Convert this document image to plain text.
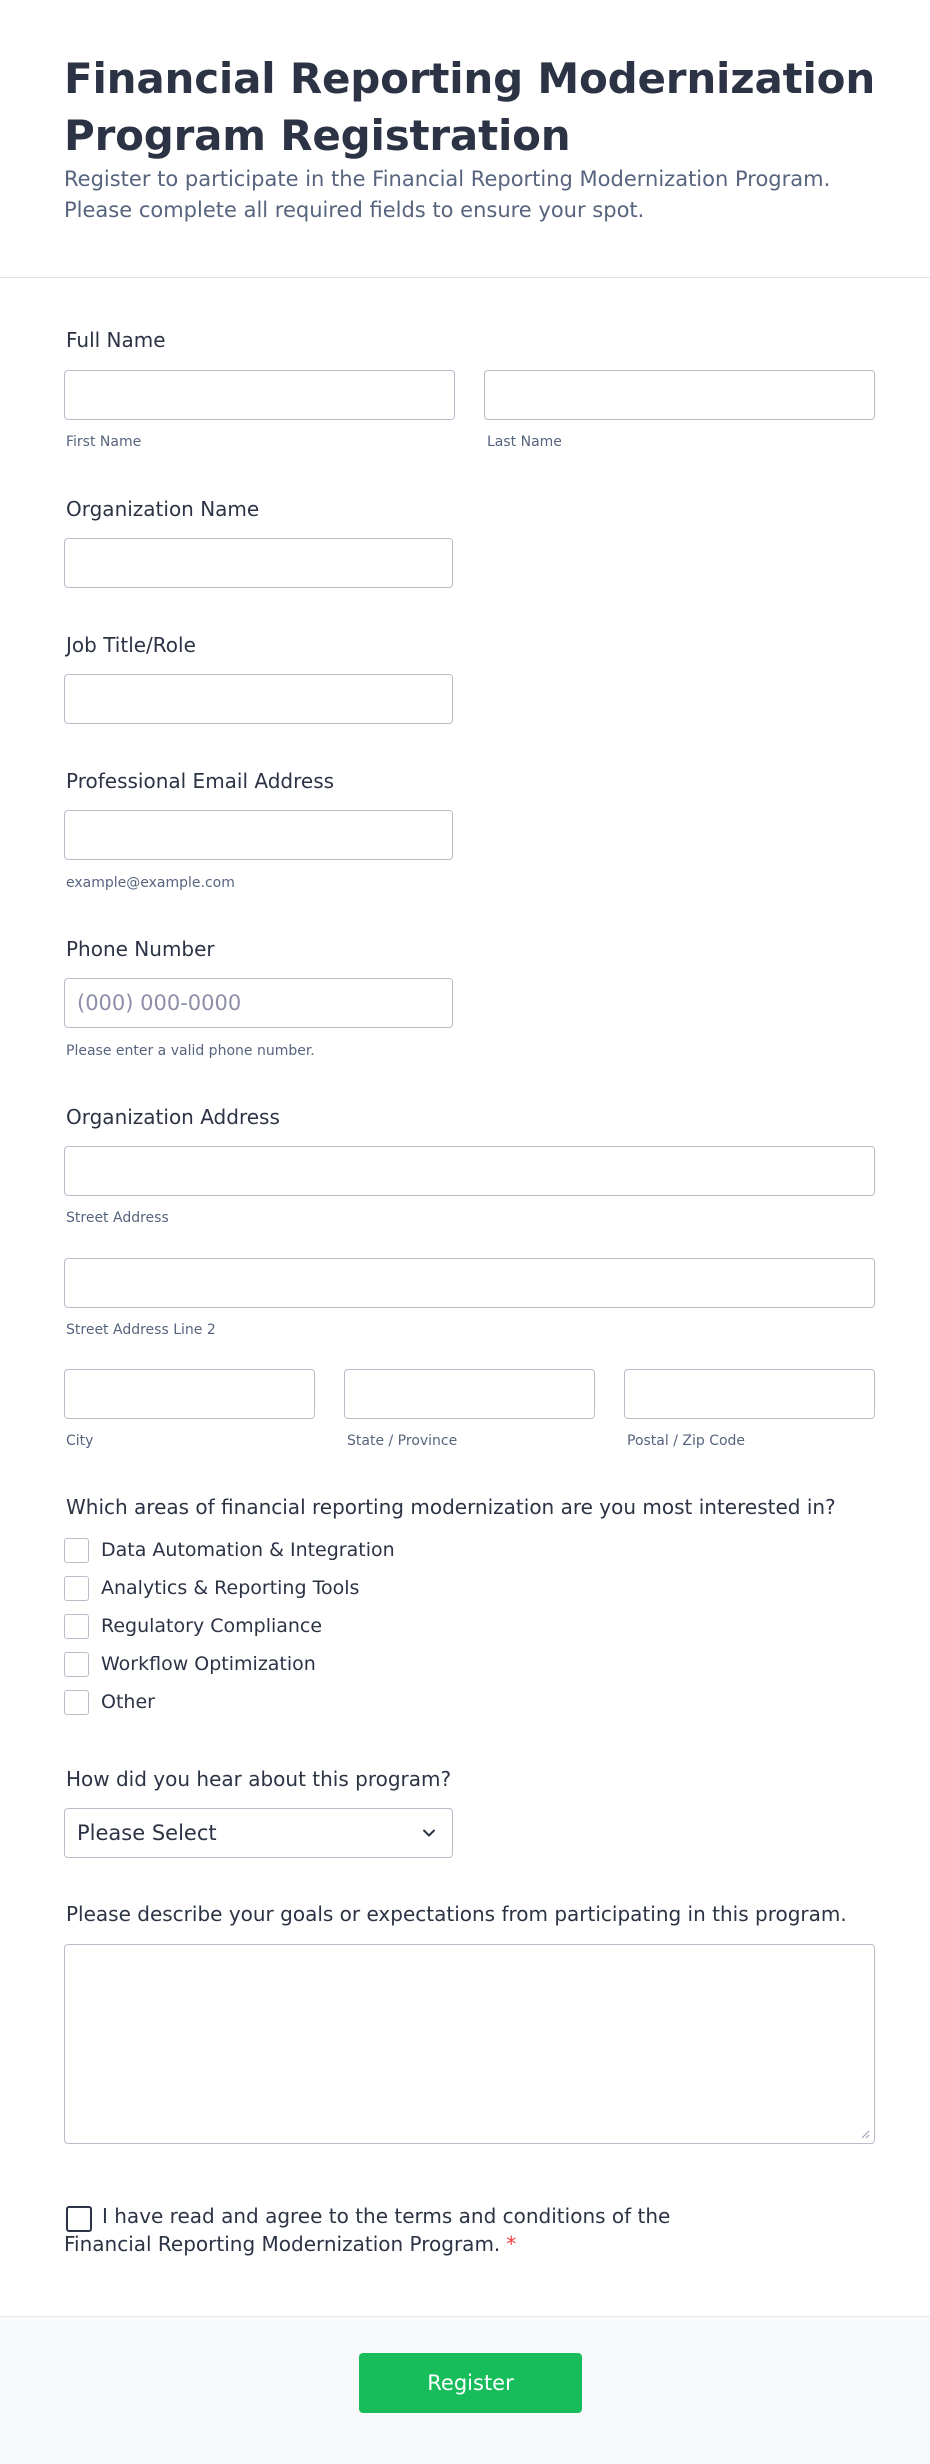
Financial Reporting Modernization Program Registration

Register to participate in the Financial Reporting Modernization Program. Please complete all required fields to ensure your spot.

Full Name
First Name	Last Name
Organization Name
Job Title/Role
Professional Email Address
example@example.com
Phone Number
(000) 000-0000
Please enter a valid phone number.
Organization Address
Street Address
Street Address Line 2
City	State / Province	Postal / Zip Code
Which areas of financial reporting modernization are you most interested in?
Data Automation & Integration
Analytics & Reporting Tools
Regulatory Compliance
Workflow Optimization
Other
How did you hear about this program?
Please Select
Please describe your goals or expectations from participating in this program.
I have read and agree to the terms and conditions of the Financial Reporting Modernization Program. *
Register
